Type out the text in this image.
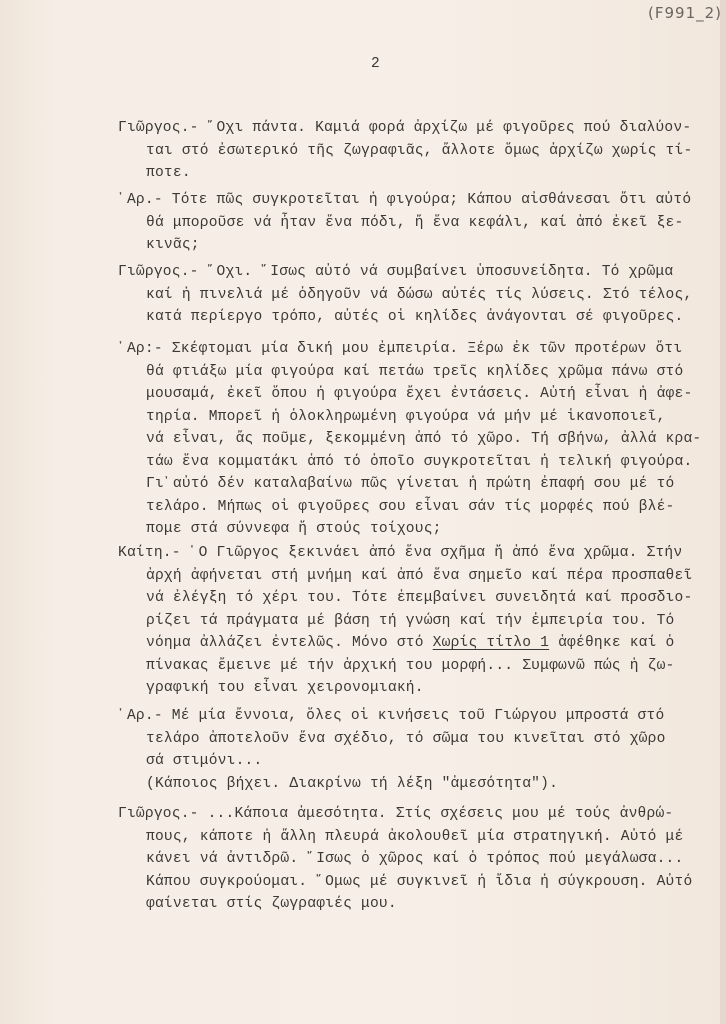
(F991_2)
2
Γιῶργος.- ῎Οχι πάντα. Καμιά φορά ἀρχίζω μέ φιγοῦρες πού διαλύον-
ται στό ἐσωτερικό τῆς ζωγραφιᾶς, ἄλλοτε ὅμως ἀρχίζω χωρίς τί-
ποτε.
᾿Αρ.- Τότε πῶς συγκροτεῖται ἡ φιγούρα; Κάπου αἰσθάνεσαι ὅτι αὐτό
θά μποροῦσε νά ἦταν ἕνα πόδι, ἤ ἕνα κεφάλι, καί ἀπό ἐκεῖ ξε-
κινᾶς;
Γιῶργος.- ῎Οχι. ῎Ισως αὐτό νά συμβαίνει ὑποσυνείδητα. Τό χρῶμα
καί ἡ πινελιά μέ ὁδηγοῦν νά δώσω αὐτές τίς λύσεις. Στό τέλος,
κατά περίεργο τρόπο, αὐτές οἱ κηλίδες ἀνάγονται σέ φιγοῦρες.
᾿Αρ:- Σκέφτομαι μία δική μου ἐμπειρία. Ξέρω ἐκ τῶν προτέρων ὅτι
θά φτιάξω μία φιγούρα καί πετάω τρεῖς κηλίδες χρῶμα πάνω στό
μουσαμά, ἐκεῖ ὅπου ἡ φιγούρα ἔχει ἐντάσεις. Αὐτή εἶναι ἡ ἀφε-
τηρία. Μπορεῖ ἡ ὁλοκληρωμένη φιγούρα νά μήν μέ ἱκανοποιεῖ,
νά εἶναι, ἄς ποῦμε, ξεκομμένη ἀπό τό χῶρο. Τή σβήνω, ἀλλά κρα-
τάω ἕνα κομματάκι ἀπό τό ὁποῖο συγκροτεῖται ἡ τελική φιγούρα.
Γι᾿αὐτό δέν καταλαβαίνω πῶς γίνεται ἡ πρώτη ἐπαφή σου μέ τό
τελάρο. Μήπως οἱ φιγοῦρες σου εἶναι σάν τίς μορφές πού βλέ-
πομε στά σύννεφα ἤ στούς τοίχους;
Καίτη.- ῾Ο Γιῶργος ξεκινάει ἀπό ἕνα σχῆμα ἤ ἀπό ἕνα χρῶμα. Στήν
ἀρχή ἀφήνεται στή μνήμη καί ἀπό ἕνα σημεῖο καί πέρα προσπαθεῖ
νά ἐλέγξη τό χέρι του. Τότε ἐπεμβαίνει συνειδητά καί προσδιο-
ρίζει τά πράγματα μέ βάση τή γνώση καί τήν ἐμπειρία του. Τό
νόημα ἀλλάζει ἐντελῶς. Μόνο στό Χωρίς τίτλο 1 ἀφέθηκε καί ὁ
πίνακας ἔμεινε μέ τήν ἀρχική του μορφή... Συμφωνῶ πώς ἡ ζω-
γραφική του εἶναι χειρονομιακή.
᾿Αρ.- Μέ μία ἔννοια, ὅλες οἱ κινήσεις τοῦ Γιώργου μπροστά στό
τελάρο ἀποτελοῦν ἕνα σχέδιο, τό σῶμα του κινεῖται στό χῶρο
σά στιμόνι...
(Κάποιος βήχει. Διακρίνω τή λέξη "ἀμεσότητα").
Γιῶργος.- ...Κάποια ἀμεσότητα. Στίς σχέσεις μου μέ τούς ἀνθρώ-
πους, κάποτε ἡ ἄλλη πλευρά ἀκολουθεῖ μία στρατηγική. Αὐτό μέ
κάνει νά ἀντιδρῶ. ῎Ισως ὁ χῶρος καί ὁ τρόπος πού μεγάλωσα...
Κάπου συγκρούομαι. ῎Ομως μέ συγκινεῖ ἡ ἴδια ἡ σύγκρουση. Αὐτό
φαίνεται στίς ζωγραφιές μου.
